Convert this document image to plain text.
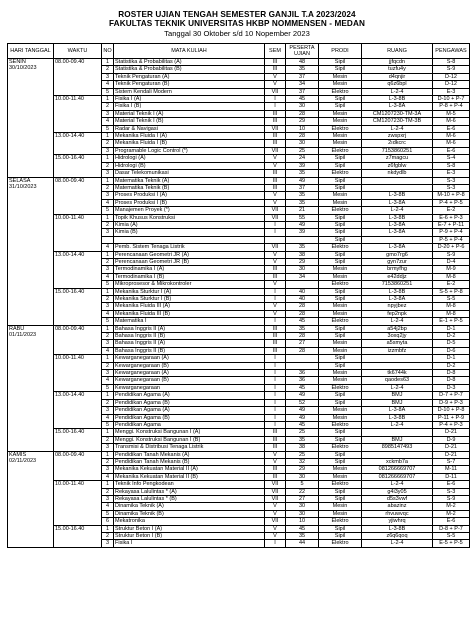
ROSTER UJIAN TENGAH SEMESTER GANJIL T.A 2023/2024
FAKULTAS TEKNIK UNIVERSITAS HKBP NOMMENSEN - MEDAN
Tanggal 30 Oktober s/d 10 Nopember 2023
HARI TANGGAL	WAKTU	NO	MATA KULIAH	SEM	PESERTA UJIAN	PRODI	RUANG	PENGAWAS

SENIN
30/10/2023	08.00-09.40	1	Statistika & Probabilitas (A)	III	48	Sipil	jjfqcdn	S-8
		2	Statistika & Probabilitas (B)	III	35	Sipil	tuzfu4y	S-9
		3	Teknik Pengaturan (A)	V	37	Mesin	d4qnjir	D-12
		4	Teknik Pengaturan (B)	V	34	Mesin	q6z6bpl	D-12
		5	Sistem Kendali Modern	VII	37	Elektro	L-2-4	E-3
	10.00-11.40	1	Fisika I (A)	I	45	Sipil	L-3-8B	D-10 + P-7
		2	Fisika I (B)	I	30	Sipil	L-3-8A	P-8 + P-4
		3	Material Teknik I (A)	III	28	Mesin	CM1207230-TM-3A	M-5
		4	Material Teknik I (B)	III	29	Mesin	CM1207230-TM-3B	M-6
		5	Radar & Navigasi	VII	10	Elektro	L-2-4	E-6
	13.00-14.40	1	Mekanika Fluida I (A)	III	28	Mesin	zwspxrj	M-6
		2	Mekanika Fluida I (B)	III	30	Mesin	2ıdkcrc	M-6
		3	Programable Logic Control (*)	VII	25	Elektro	7153860251	E-6
	15.00-16.40	1	Hidrologi (A)	V	24	Sipil	z7magcu	S-4
		2	Hidrologi (B)	V	39	Sipil	z6fgblw	S-8
		3	Dasar Telekomunikasi	III	35	Elektro	nkdydlb	E-3

SELASA
31/10/2023	08.00-09.40	1	Matematika Teknik (A)	III	49	Sipil		S-3
		2	Matematika Teknik (B)	III	37	Sipil		S-3
		3	Proses Produksi I (A)	V	35	Mesin	L-3-8B	M-10 + P-8
		4	Proses Produksi I (B)	V	35	Mesin	L-3-8A	P-4 + P-5
		5	Manajemen Proyek (*)	VII	21	Elektro	L-2-4	E-2
	10.00-11.40	1	Topik Khusus Konstruksi	VII	55	Sipil	L-3-8B	E-6 + P-3
		2	Kimia (A)	I	49	Sipil	L-3-8A	E-7 + P-11
		3	Kimia (B)	I	39	Sipil	L-3-8A	P-9 + P-4
						Sipil		P-5 + P-4
		4	Pemb. Sistem Tenaga Listrik	VII	35	Elektro	L-3-8A	D-20 + P-6
	13.00-14.40	1	Perencanaan Geometri JR (A)	V	38	Sipil	gmo7rg6	S-9
		2	Perencanaan Geometri JR (B)	V	29	Sipil	gyn7zur	D-4
		3	Termodinamika I (A)	III	30	Mesin	brmyfhg	M-9
		4	Termodinamika I (B)	III	34	Mesin	e42ddjz	M-8
		5	Mikroprosesor & Mikrokontroler	V		Elektro	7153860251	E-2
	15.00-16.40	1	Mekanika Sturktur I (A)	I	40	Sipil	L-3-8B	S-5 + P-8
		2	Mekanika Sturktur I (B)	I	40	Sipil	L-3-8A	S-5
		3	Mekanika Fluida III (A)	V	28	Mesin	npyjbez	M-8
		4	Mekanika Fluida III (B)	V	28	Mesin	fep2npk	M-8
		5	Matematika I	I	45	Elektro	L-2-4	E-1 + P-5

RABU
01/11/2023	08.00-09.40	1	Bahasa Inggris II (A)	III	35	Sipil	a54j2bp	D-1
		2	Bahasa Inggris II (B)	III	28	Sipil	3oxq2jy	D-2
		3	Bahasa Inggris II (A)	III	27	Mesin	a5smyta	D-5
		4	Bahasa Inggris II (B)	III	28	Mesin	izzmbfz	D-6
	10.00-11.40	1	Kewarganegaraan (A)	I		Sipil		D-1
		2	Kewarganegaraan (B)	I		Sipil		D-2
		3	Kewarganegaraan (A)	I	36	Mesin	tk6744k	D-8
		4	Kewarganegaraan (B)	I	36	Mesin	qaodes63	D-8
		5	Kewarganegaraan	I	45	Elektro	L-2-4	D-3
	13.00-14.40	1	Pendidikan Agama (A)	I	49	Sipil	BMJ	D-7 + P-7
		2	Pendidikan Agama (B)	I	52	Sipil	BMJ	D-9 + P-3
		3	Pendidikan Agama (A)	I	49	Mesin	L-3-8A	D-10 + P-8
		4	Pendidikan Agama (B)	I	49	Mesin	L-3-8B	P-11 + P-9
		5	Pendidikan Agama	I	45	Elektro	L-2-4	P-4 + P-3
	15.00-16.40	1	Menggi. Konstruksi Bangunan I (A)	III	25	Sipil		D-21
		2	Menggi. Konstruksi Bangunan I (B)	III	35	Sipil	BMJ	D-9
		3	Transmisi & Distribusi Tenaga Listrik	III	38	Elektro	8985147493	D-21

KAMIS
02/11/2023	08.00-09.40	1	Pendidikan Tanah Mekanis (A)	V	25	Sipil		D-21
		2	Pendidikan Tanah Mekanis (B)	V	32	Sipil	xckmb7a	S-7
		3	Mekanika Kekuatan Material II (A)	III	29	Mesin	081266669707	M-11
		4	Mekanika Kekuatan Material II (B)	III	30	Mesin	081266669707	D-11
	10.00-11.40	1	Teknik Info Pengkodean	VII	5	Elektro	L-2-4	E-6
		2	Rekayasa Lalulintas * (A)	VII	22	Sipil	g4i3y05	S-3
		3	Rekayasa Lalulintas * (B)	VII	27	Sipil	d5s3vwf	S-9
		4	Dinamika Teknik (A)	V	30	Mesin	abazinz	M-2
		5	Dinamika Teknik (B)	V	30	Mesin	rhvuwvqc	M-2
		6	Mekatronika	VII	10	Elektro	yjiwhrq	E-6
	15.00-16.40	1	Struktur Beton I (A)	V	45	Sipil	L-3-8B	D-8 + P-7
		2	Struktur Beton I (B)	V	35	Sipil	z6q6qoq	S-5
		3	Fisika I	I	44	Elektro	L-2-4	E-5 + P-5
